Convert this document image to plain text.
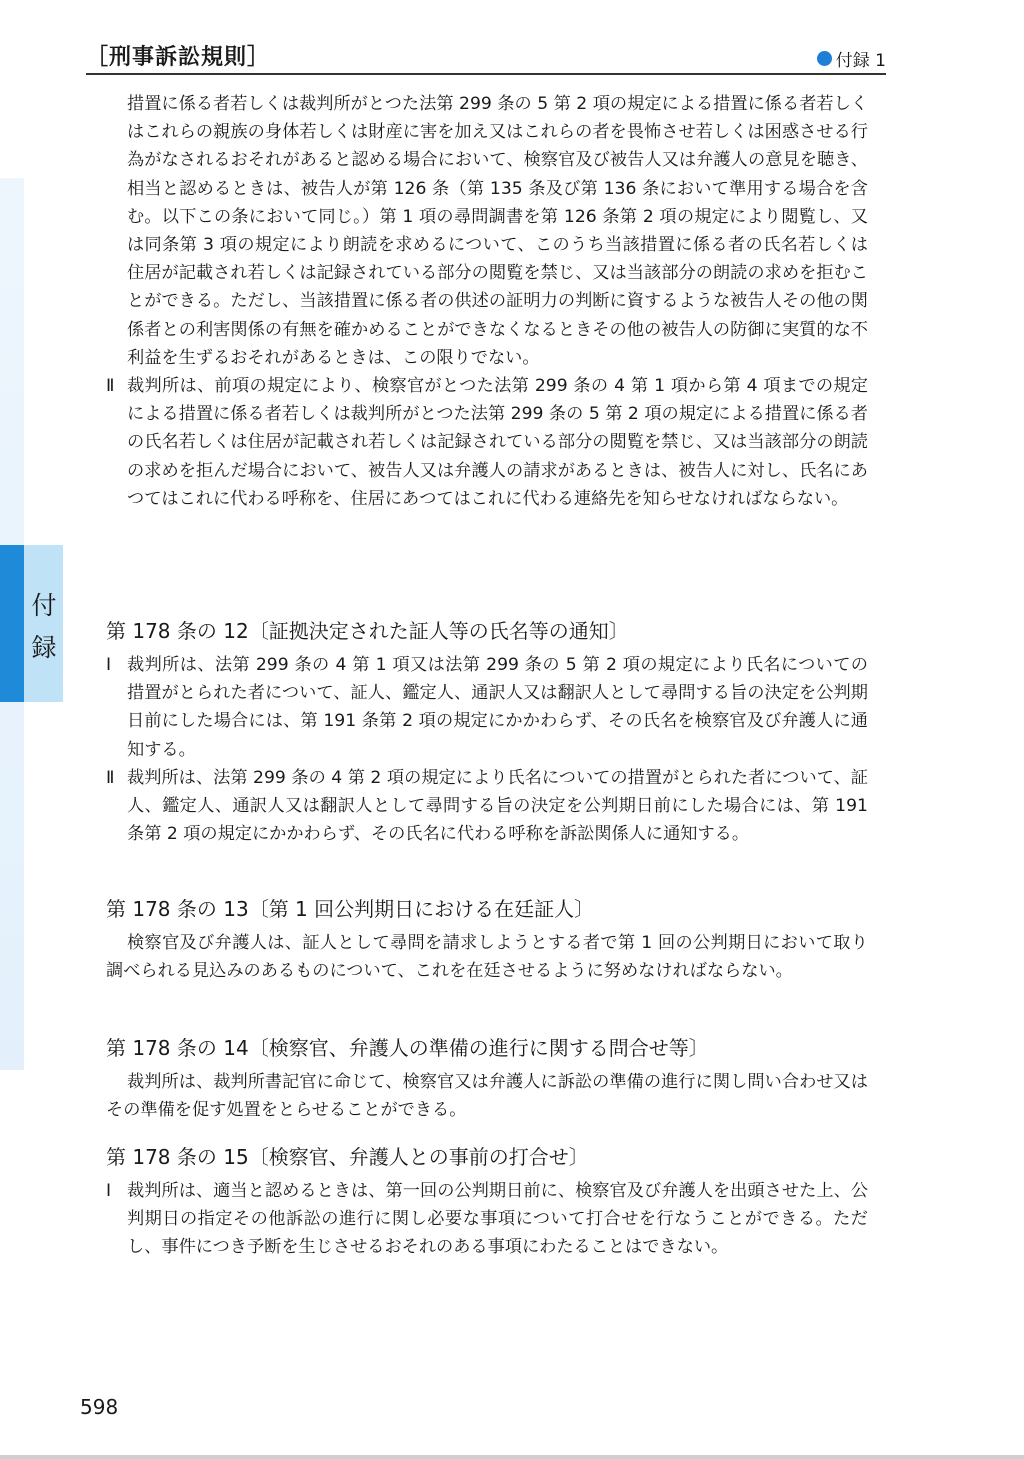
［刑事訴訟規則］	付録 1
付
録

措置に係る者若しくは裁判所がとつた法第 299 条の 5 第 2 項の規定による措置に係る者若しくはこれらの親族の身体若しくは財産に害を加え又はこれらの者を畏怖させ若しくは困惑させる行為がなされるおそれがあると認める場合において、検察官及び被告人又は弁護人の意見を聴き、相当と認めるときは、被告人が第 126 条（第 135 条及び第 136 条において準用する場合を含む。以下この条において同じ。）第 1 項の尋問調書を第 126 条第 2 項の規定により閲覧し、又は同条第 3 項の規定により朗読を求めるについて、このうち当該措置に係る者の氏名若しくは住居が記載され若しくは記録されている部分の閲覧を禁じ、又は当該部分の朗読の求めを拒むことができる。ただし、当該措置に係る者の供述の証明力の判断に資するような被告人その他の関係者との利害関係の有無を確かめることができなくなるときその他の被告人の防御に実質的な不利益を生ずるおそれがあるときは、この限りでない。

Ⅱ 裁判所は、前項の規定により、検察官がとつた法第 299 条の 4 第 1 項から第 4 項までの規定による措置に係る者若しくは裁判所がとつた法第 299 条の 5 第 2 項の規定による措置に係る者の氏名若しくは住居が記載され若しくは記録されている部分の閲覧を禁じ、又は当該部分の朗読の求めを拒んだ場合において、被告人又は弁護人の請求があるときは、被告人に対し、氏名にあつてはこれに代わる呼称を、住居にあつてはこれに代わる連絡先を知らせなければならない。

第 178 条の 12〔証拠決定された証人等の氏名等の通知〕

Ⅰ 裁判所は、法第 299 条の 4 第 1 項又は法第 299 条の 5 第 2 項の規定により氏名についての措置がとられた者について、証人、鑑定人、通訳人又は翻訳人として尋問する旨の決定を公判期日前にした場合には、第 191 条第 2 項の規定にかかわらず、その氏名を検察官及び弁護人に通知する。

Ⅱ 裁判所は、法第 299 条の 4 第 2 項の規定により氏名についての措置がとられた者について、証人、鑑定人、通訳人又は翻訳人として尋問する旨の決定を公判期日前にした場合には、第 191 条第 2 項の規定にかかわらず、その氏名に代わる呼称を訴訟関係人に通知する。

第 178 条の 13〔第 1 回公判期日における在廷証人〕

検察官及び弁護人は、証人として尋問を請求しようとする者で第 1 回の公判期日において取り調べられる見込みのあるものについて、これを在廷させるように努めなければならない。

第 178 条の 14〔検察官、弁護人の準備の進行に関する問合せ等〕

裁判所は、裁判所書記官に命じて、検察官又は弁護人に訴訟の準備の進行に関し問い合わせ又はその準備を促す処置をとらせることができる。

第 178 条の 15〔検察官、弁護人との事前の打合せ〕

Ⅰ 裁判所は、適当と認めるときは、第一回の公判期日前に、検察官及び弁護人を出頭させた上、公判期日の指定その他訴訟の進行に関し必要な事項について打合せを行なうことができる。ただし、事件につき予断を生じさせるおそれのある事項にわたることはできない。

598
